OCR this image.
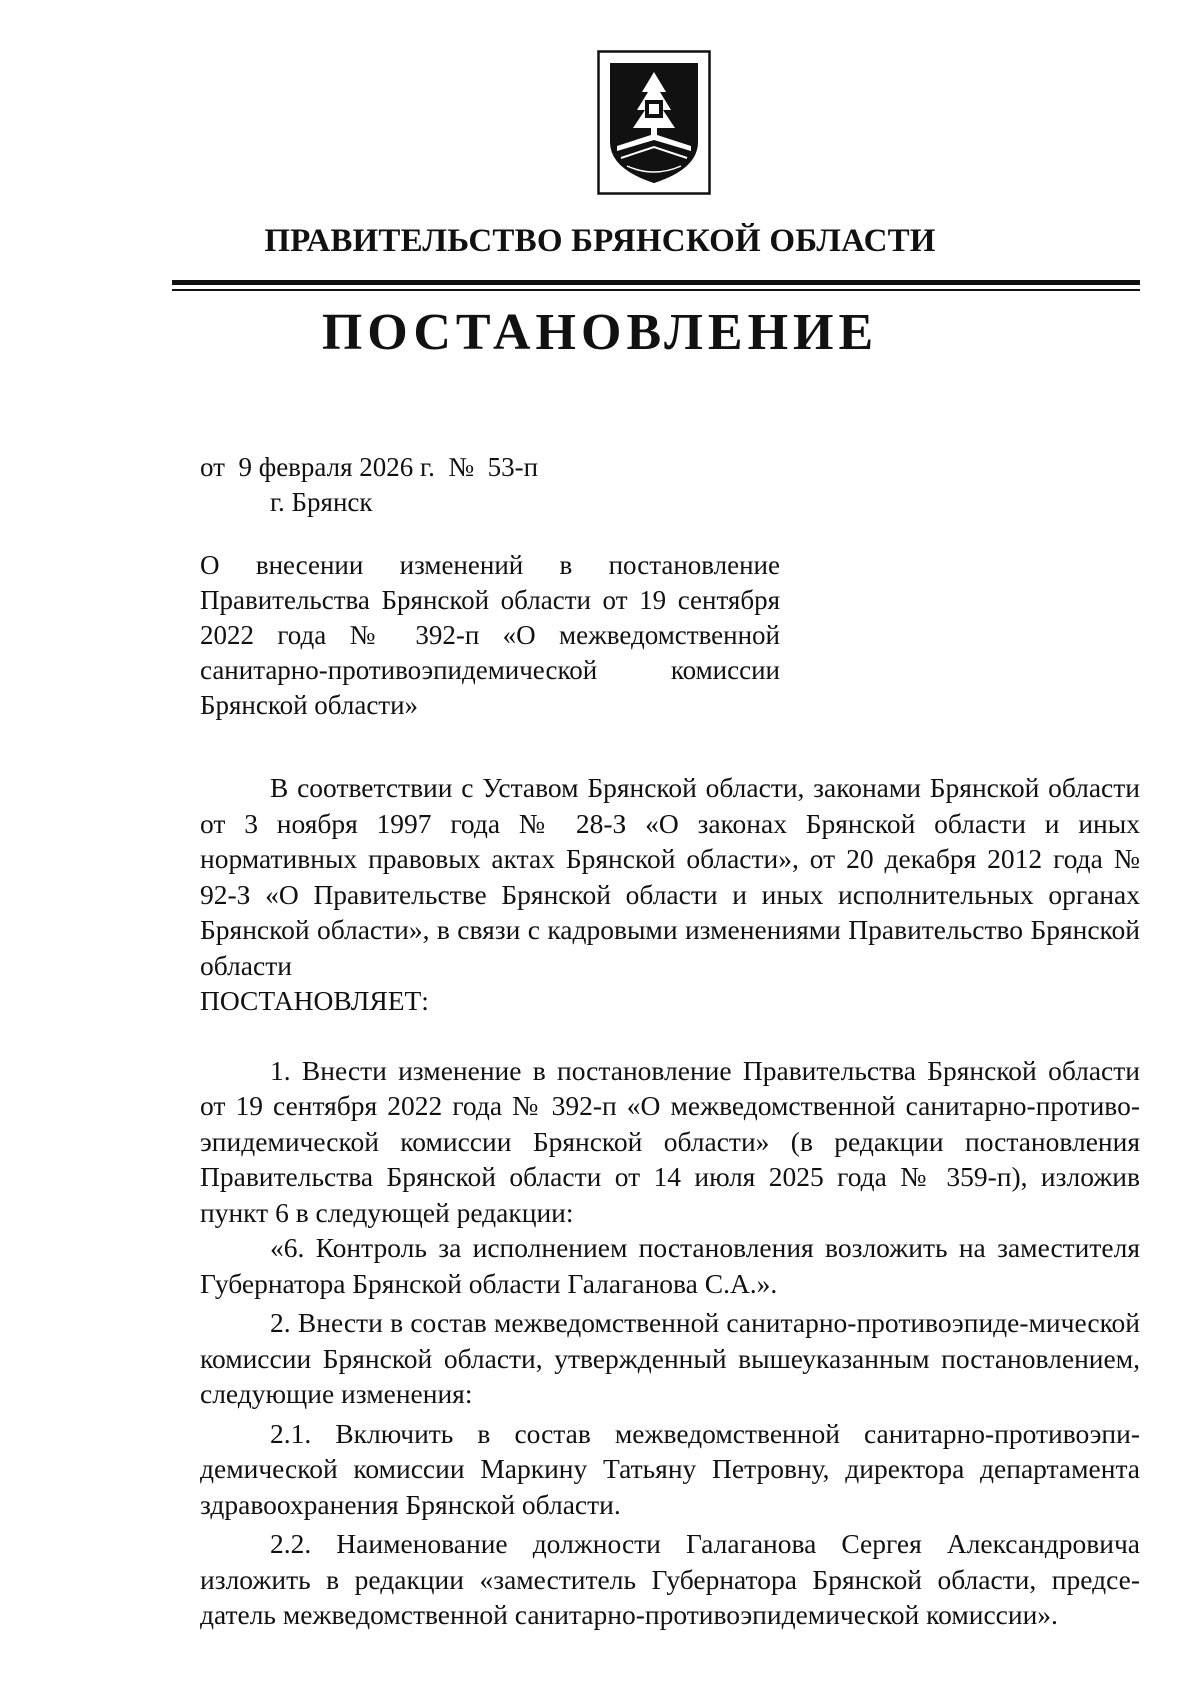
ПРАВИТЕЛЬСТВО БРЯНСКОЙ ОБЛАСТИ
ПОСТАНОВЛЕНИЕ
от  9 февраля 2026 г.  №  53-п
г. Брянск
О внесении изменений в постановление
Правительства Брянской области от 19 сентября
2022 года № 392-п «О межведомственной
санитарно-противоэпидемической комиссии
Брянской области»

В соответствии с Уставом Брянской области, законами Брянской области от 3 ноября 1997 года № 28-З «О законах Брянской области и иных нормативных правовых актах Брянской области», от 20 декабря 2012 года № 92-З «О Правительстве Брянской области и иных исполнительных органах Брянской области», в связи с кадровыми изменениями Правительство Брянской области

ПОСТАНОВЛЯЕТ:

1. Внести изменение в постановление Правительства Брянской области от 19 сентября 2022 года № 392-п «О межведомственной санитарно-противо-эпидемической комиссии Брянской области» (в редакции постановления Правительства Брянской области от 14 июля 2025 года № 359-п), изложив пункт 6 в следующей редакции:

«6. Контроль за исполнением постановления возложить на заместителя Губернатора Брянской области Галаганова С.А.».

2. Внести в состав межведомственной санитарно-противоэпиде-мической комиссии Брянской области, утвержденный вышеуказанным постановлением, следующие изменения:

2.1. Включить в состав межведомственной санитарно-противоэпи-демической комиссии Маркину Татьяну Петровну, директора департамента здравоохранения Брянской области.

2.2. Наименование должности Галаганова Сергея Александровича изложить в редакции «заместитель Губернатора Брянской области, предсе-датель межведомственной санитарно-противоэпидемической комиссии».
